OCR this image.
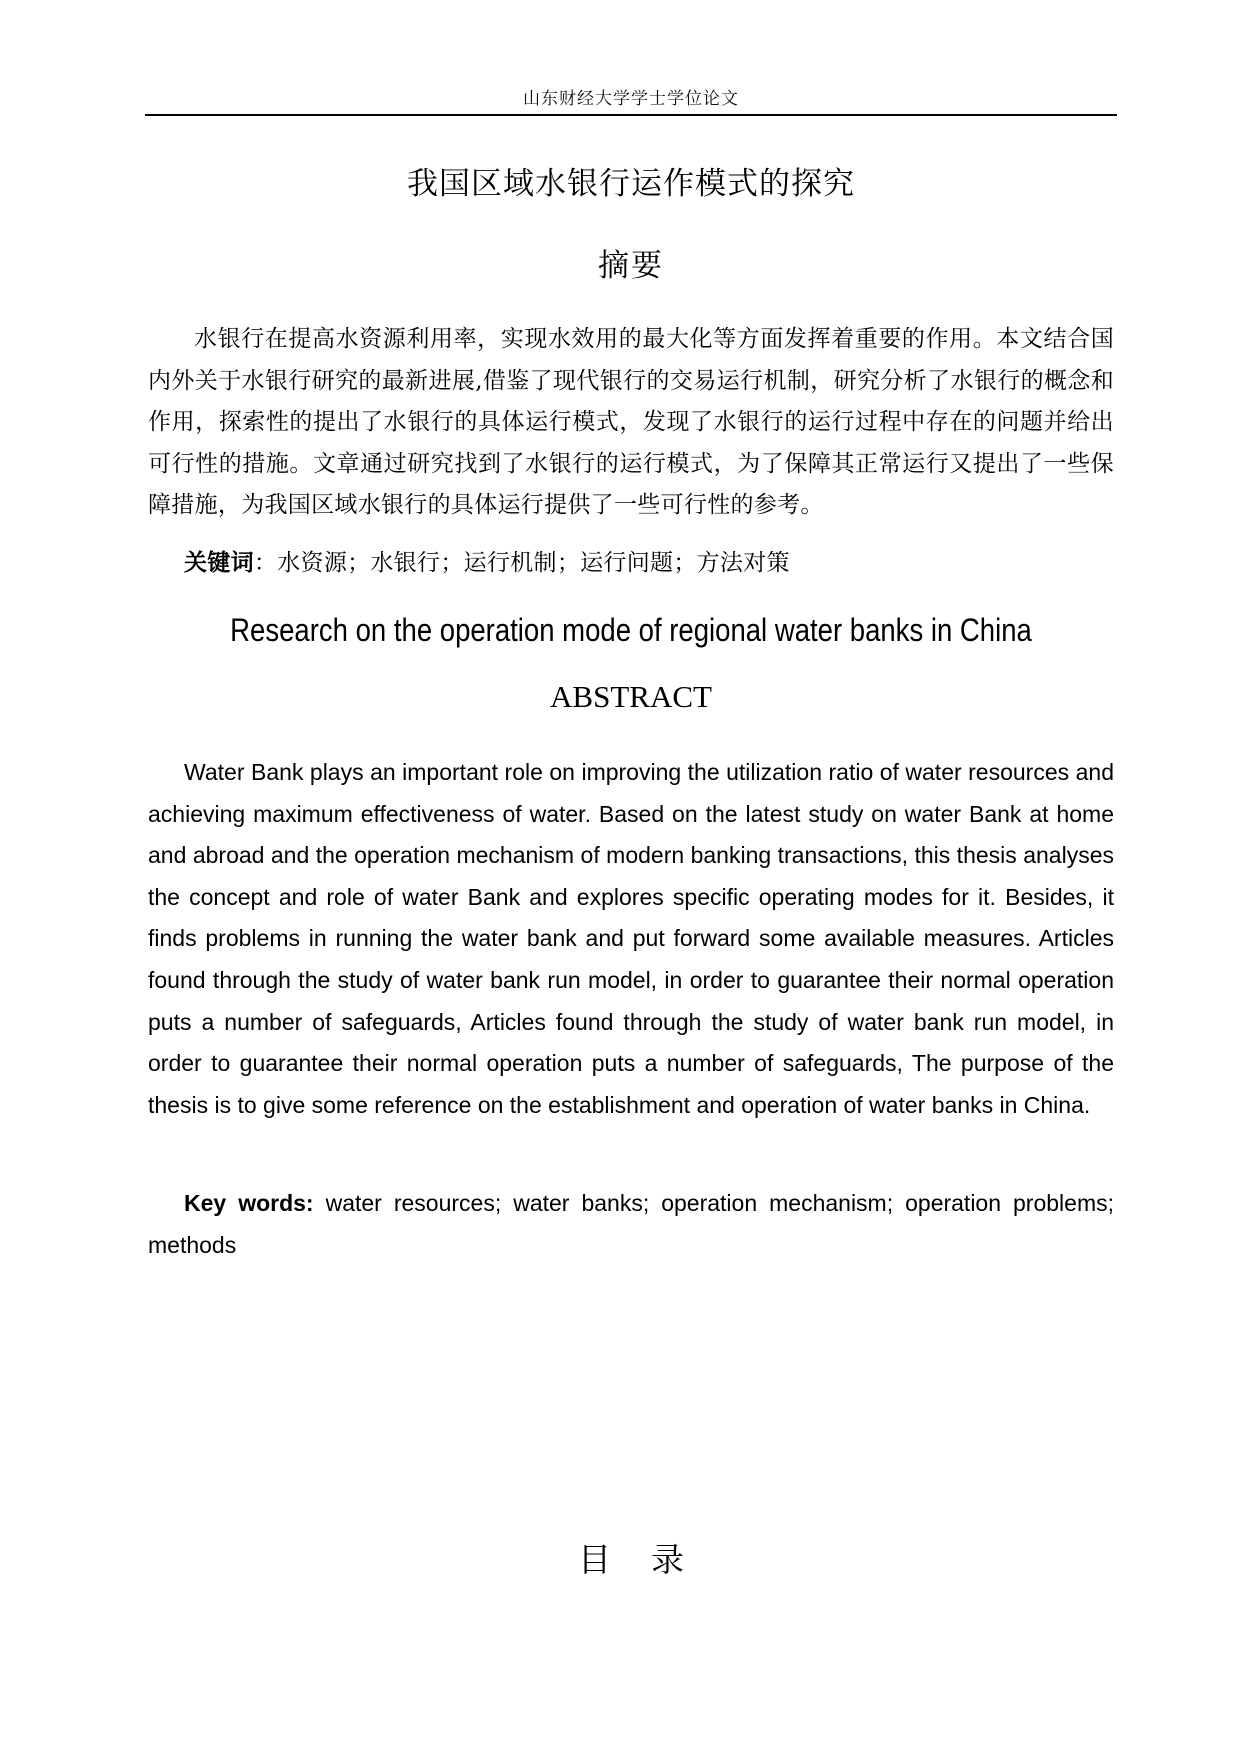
山东财经大学学士学位论文
我国区域水银行运作模式的探究
摘要

水银行在提高水资源利用率，实现水效用的最大化等方面发挥着重要的作用。本文结合国内外关于水银行研究的最新进展,借鉴了现代银行的交易运行机制，研究分析了水银行的概念和作用，探索性的提出了水银行的具体运行模式，发现了水银行的运行过程中存在的问题并给出可行性的措施。文章通过研究找到了水银行的运行模式，为了保障其正常运行又提出了一些保障措施，为我国区域水银行的具体运行提供了一些可行性的参考。

关键词：水资源；水银行；运行机制；运行问题；方法对策
Research on the operation mode of regional water banks in China
ABSTRACT

Water Bank plays an important role on improving the utilization ratio of water resources and achieving maximum effectiveness of water. Based on the latest study on water Bank at home and abroad and the operation mechanism of modern banking transactions, this thesis analyses the concept and role of water Bank and explores specific operating modes for it. Besides, it finds problems in running the water bank and put forward some available measures. Articles found through the study of water bank run model, in order to guarantee their normal operation puts a number of safeguards, Articles found through the study of water bank run model, in order to guarantee their normal operation puts a number of safeguards, The purpose of the thesis is to give some reference on the establishment and operation of water banks in China.

Key words: water resources; water banks; operation mechanism; operation problems; methods

目 录
